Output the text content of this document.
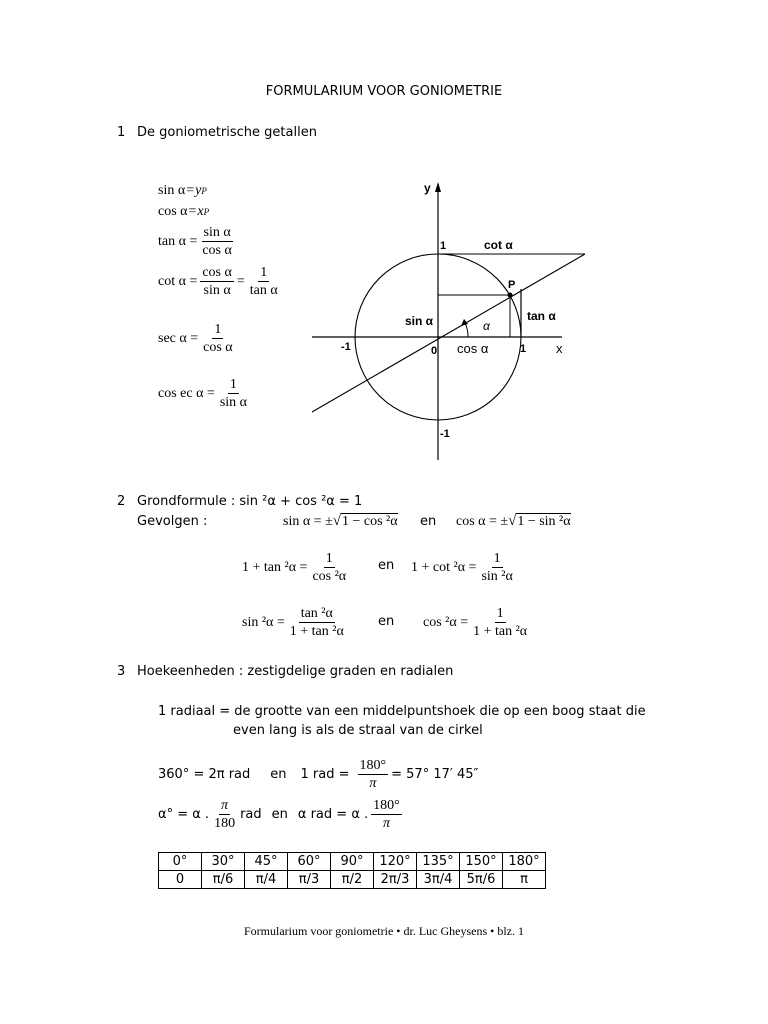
FORMULARIUM VOOR GONIOMETRIE
1 De goniometrische getallen
sin α = y P
cos α = x P
$\tan \alpha = \frac{\text{sin α}}{\text{cos α}}$
$\cot \alpha = \frac{\text{cos α}}{\text{sin α}} = \frac{1}{\text{tan α}}$
$\sec \alpha = \frac{1}{\text{cos α}}$
cos ec $\alpha = \frac{1}{\text{sin α}}$
y
x
1
-1	0	1
-1
cot α
P
sin α	tan α
α
cos α
2 Grondformule : sin ²α + cos ²α = 1
Gevolgen :	sin α = ± √ 1 − cos ²α en cos α = ± √ 1 − sin ²α
$1 + \tan ^2\alpha = \frac{1}{\text{cos ²α}}$ en $1 + \cot ^2\alpha = \frac{1}{\text{sin ²α}}$
$\sin ^2\alpha = \frac{\text{tan ²α}}{\text{1 + tan ²α}}$ en $\cos ^2\alpha = \frac{1}{\text{1 + tan ²α}}$
3 Hoekeenheden : zestigdelige graden en radialen
1 radiaal = de grootte van een middelpuntshoek die op een boog staat die
even lang is als de straal van de cirkel
360° = 2π rad en 1 rad = $\frac{180^\circ}{\pi} = 57^\circ$ 17′ 45″
α° = α . $\frac{\pi}{180}$ rad en α rad = α . $\frac{180^\circ}{\pi}$
0°	30°	45°	60°	90°	120°	135°	150°	180°
0	π/6	π/4	π/3	π/2	2π/3	3π/4	5π/6	π
Formularium voor goniometrie • dr. Luc Gheysens • blz. 1
